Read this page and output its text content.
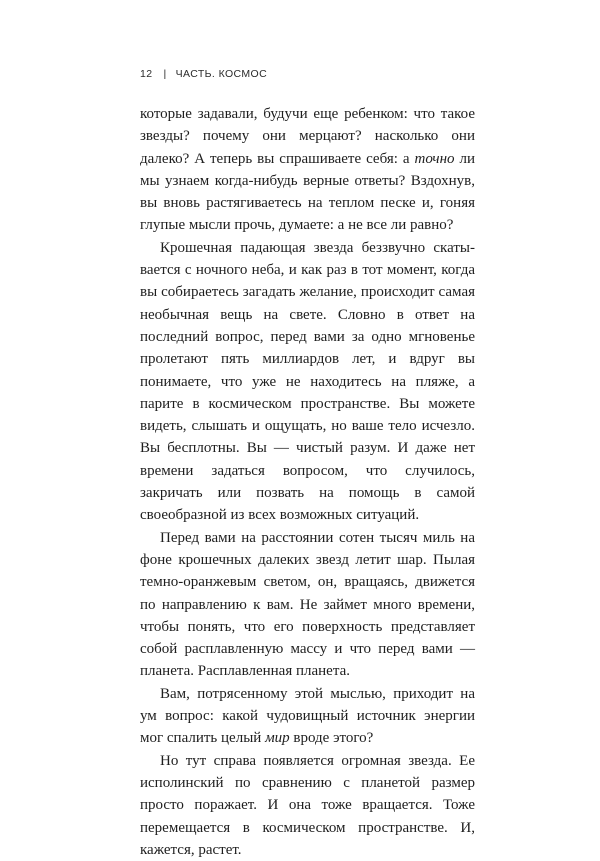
12 | ЧАСТЬ. КОСМОС

которые задавали, будучи еще ребенком: что такое звезды? почему они мерцают? насколько они далеко? А теперь вы спрашиваете себя: а точно ли мы узнаем когда-нибудь верные ответы? Вздохнув, вы вновь растягиваетесь на теплом песке и, гоняя глупые мысли прочь, думаете: а не все ли равно?

Крошечная падающая звезда беззвучно скатывается с ночного неба, и как раз в тот момент, когда вы собираетесь загадать желание, происходит самая необычная вещь на свете. Словно в ответ на последний вопрос, перед вами за одно мгновенье пролетают пять миллиардов лет, и вдруг вы понимаете, что уже не находитесь на пляже, а парите в космическом пространстве. Вы можете видеть, слышать и ощущать, но ваше тело исчезло. Вы бесплотны. Вы — чистый разум. И даже нет времени задаться вопросом, что случилось, закричать или позвать на помощь в самой своеобразной из всех возможных ситуаций.

Перед вами на расстоянии сотен тысяч миль на фоне крошечных далеких звезд летит шар. Пылая темно-оранжевым светом, он, вращаясь, движется по направлению к вам. Не займет много времени, чтобы понять, что его поверхность представляет собой расплавленную массу и что перед вами — планета. Расплавленная планета.

Вам, потрясенному этой мыслью, приходит на ум вопрос: какой чудовищный источник энергии мог спалить целый мир вроде этого?

Но тут справа появляется огромная звезда. Ее исполинский по сравнению с планетой размер просто поражает. И она тоже вращается. Тоже перемещается в космическом пространстве. И, кажется, растет.
